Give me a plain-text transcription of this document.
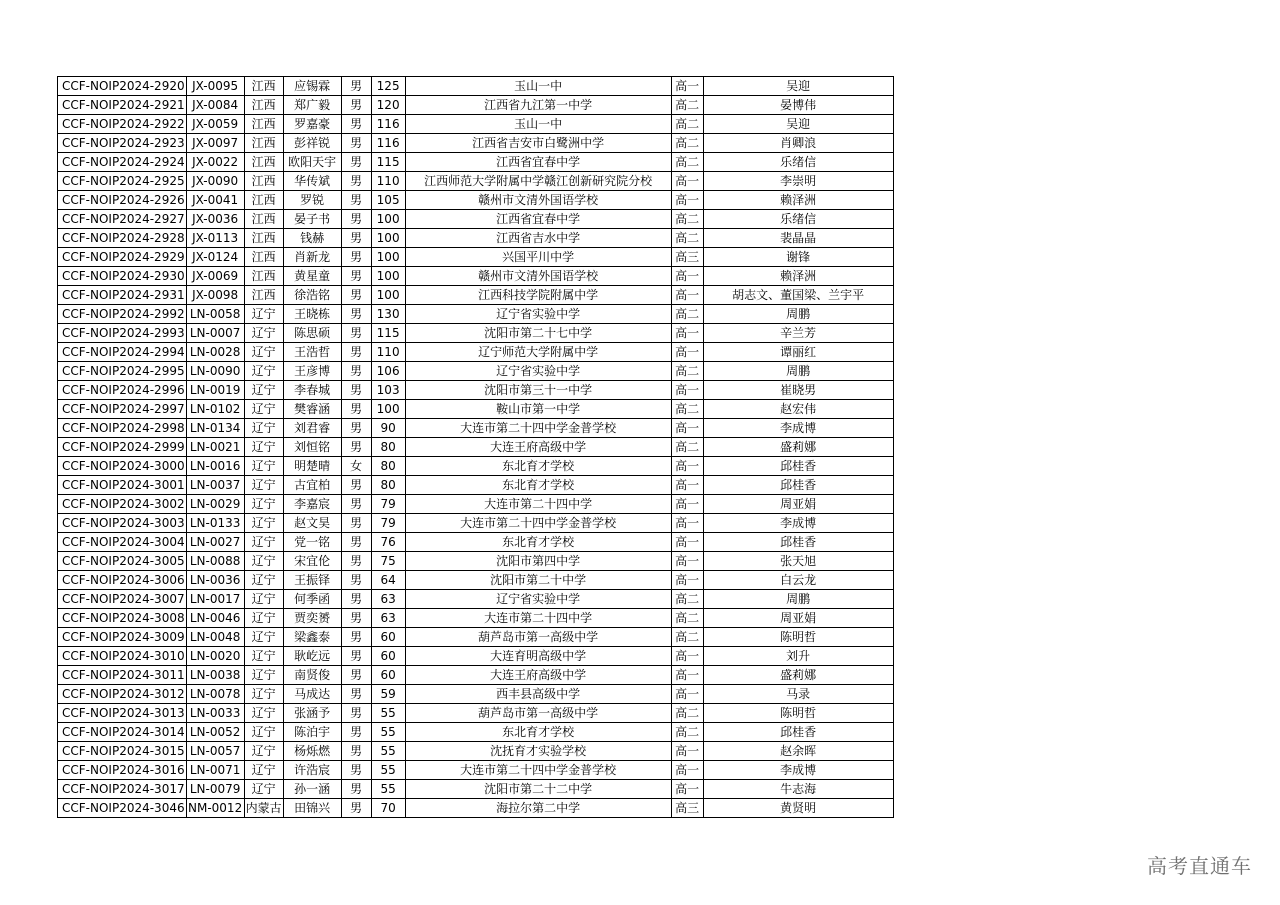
CCF-NOIP2024-2920	JX-0095	江西	应锡霖	男	125	玉山一中	高一	吴迎
CCF-NOIP2024-2921	JX-0084	江西	郑广毅	男	120	江西省九江第一中学	高二	晏博伟
CCF-NOIP2024-2922	JX-0059	江西	罗嘉豪	男	116	玉山一中	高二	吴迎
CCF-NOIP2024-2923	JX-0097	江西	彭祥锐	男	116	江西省吉安市白鹭洲中学	高二	肖卿浪
CCF-NOIP2024-2924	JX-0022	江西	欧阳天宇	男	115	江西省宜春中学	高二	乐绪信
CCF-NOIP2024-2925	JX-0090	江西	华传斌	男	110	江西师范大学附属中学赣江创新研究院分校	高一	李崇明
CCF-NOIP2024-2926	JX-0041	江西	罗锐	男	105	赣州市文清外国语学校	高一	赖泽洲
CCF-NOIP2024-2927	JX-0036	江西	晏子书	男	100	江西省宜春中学	高二	乐绪信
CCF-NOIP2024-2928	JX-0113	江西	钱赫	男	100	江西省吉水中学	高二	裴晶晶
CCF-NOIP2024-2929	JX-0124	江西	肖新龙	男	100	兴国平川中学	高三	谢锋
CCF-NOIP2024-2930	JX-0069	江西	黄星童	男	100	赣州市文清外国语学校	高一	赖泽洲
CCF-NOIP2024-2931	JX-0098	江西	徐浩铭	男	100	江西科技学院附属中学	高一	胡志文、董国梁、兰宇平
CCF-NOIP2024-2992	LN-0058	辽宁	王晓栋	男	130	辽宁省实验中学	高二	周鹏
CCF-NOIP2024-2993	LN-0007	辽宁	陈思硕	男	115	沈阳市第二十七中学	高一	辛兰芳
CCF-NOIP2024-2994	LN-0028	辽宁	王浩哲	男	110	辽宁师范大学附属中学	高一	谭丽红
CCF-NOIP2024-2995	LN-0090	辽宁	王彦博	男	106	辽宁省实验中学	高二	周鹏
CCF-NOIP2024-2996	LN-0019	辽宁	李春城	男	103	沈阳市第三十一中学	高一	崔晓男
CCF-NOIP2024-2997	LN-0102	辽宁	樊睿涵	男	100	鞍山市第一中学	高二	赵宏伟
CCF-NOIP2024-2998	LN-0134	辽宁	刘君睿	男	90	大连市第二十四中学金普学校	高一	李成博
CCF-NOIP2024-2999	LN-0021	辽宁	刘恒铭	男	80	大连王府高级中学	高二	盛莉娜
CCF-NOIP2024-3000	LN-0016	辽宁	明楚晴	女	80	东北育才学校	高一	邱桂香
CCF-NOIP2024-3001	LN-0037	辽宁	古宜柏	男	80	东北育才学校	高一	邱桂香
CCF-NOIP2024-3002	LN-0029	辽宁	李嘉宸	男	79	大连市第二十四中学	高一	周亚娟
CCF-NOIP2024-3003	LN-0133	辽宁	赵文昊	男	79	大连市第二十四中学金普学校	高一	李成博
CCF-NOIP2024-3004	LN-0027	辽宁	党一铭	男	76	东北育才学校	高一	邱桂香
CCF-NOIP2024-3005	LN-0088	辽宁	宋宜伦	男	75	沈阳市第四中学	高一	张天旭
CCF-NOIP2024-3006	LN-0036	辽宁	王振铎	男	64	沈阳市第二十中学	高一	白云龙
CCF-NOIP2024-3007	LN-0017	辽宁	何季函	男	63	辽宁省实验中学	高二	周鹏
CCF-NOIP2024-3008	LN-0046	辽宁	贾奕赟	男	63	大连市第二十四中学	高二	周亚娟
CCF-NOIP2024-3009	LN-0048	辽宁	梁鑫泰	男	60	葫芦岛市第一高级中学	高二	陈明哲
CCF-NOIP2024-3010	LN-0020	辽宁	耿屹远	男	60	大连育明高级中学	高一	刘升
CCF-NOIP2024-3011	LN-0038	辽宁	南贤俊	男	60	大连王府高级中学	高一	盛莉娜
CCF-NOIP2024-3012	LN-0078	辽宁	马成达	男	59	西丰县高级中学	高一	马录
CCF-NOIP2024-3013	LN-0033	辽宁	张涵予	男	55	葫芦岛市第一高级中学	高二	陈明哲
CCF-NOIP2024-3014	LN-0052	辽宁	陈泊宇	男	55	东北育才学校	高二	邱桂香
CCF-NOIP2024-3015	LN-0057	辽宁	杨烁燃	男	55	沈抚育才实验学校	高一	赵余晖
CCF-NOIP2024-3016	LN-0071	辽宁	许浩宸	男	55	大连市第二十四中学金普学校	高一	李成博
CCF-NOIP2024-3017	LN-0079	辽宁	孙一涵	男	55	沈阳市第二十二中学	高一	牛志海
CCF-NOIP2024-3046	NM-0012	内蒙古	田锦兴	男	70	海拉尔第二中学	高三	黄贤明
高考直通车
